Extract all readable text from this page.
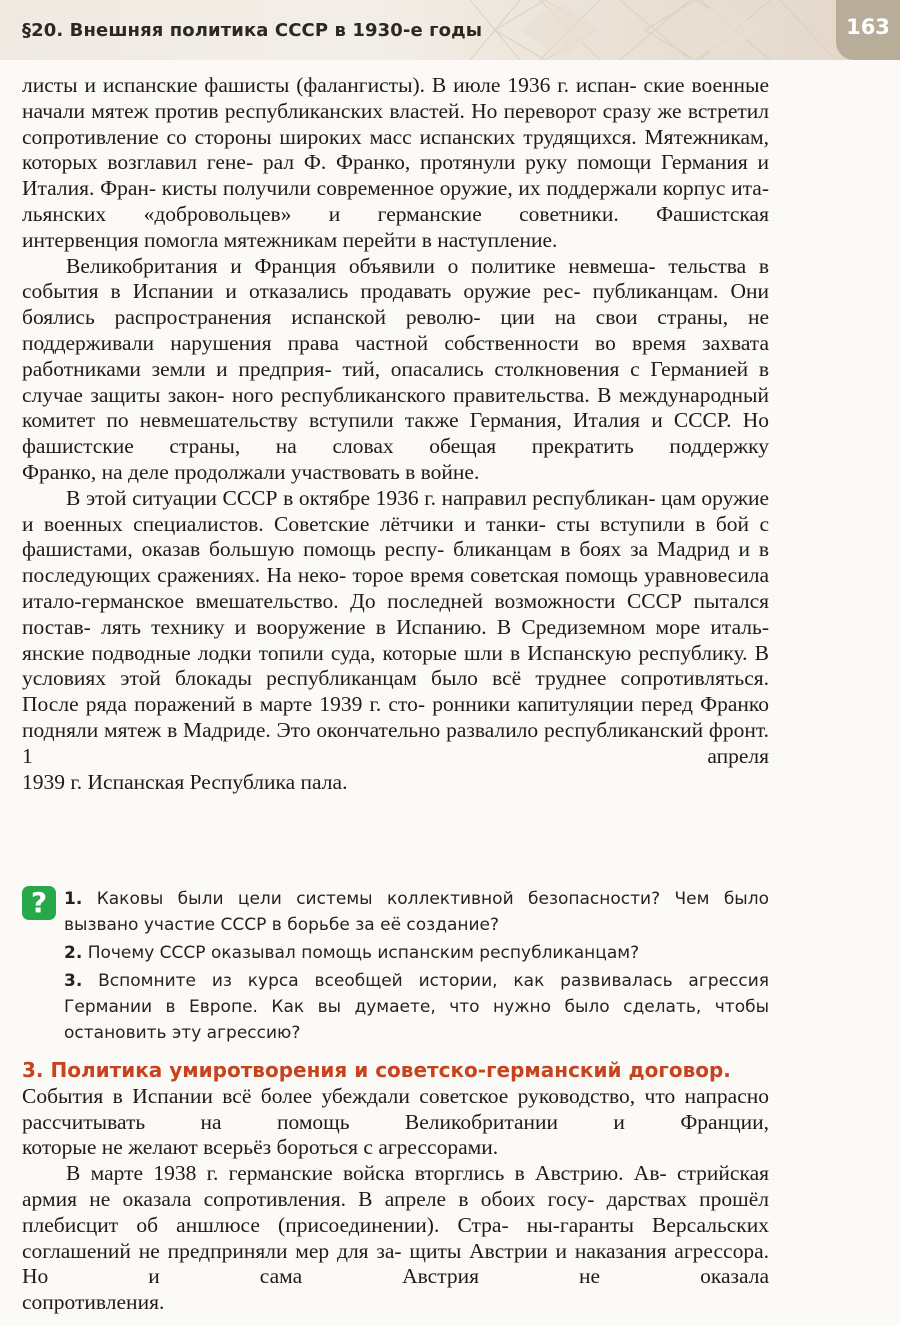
§20. Внешняя политика СССР в 1930-е годы	163

листы и испанские фашисты (фалангисты). В июле 1936 г. испан- ские военные начали мятеж против республиканских властей. Но переворот сразу же встретил сопротивление со стороны широких масс испанских трудящихся. Мятежникам, которых возглавил гене- рал Ф. Франко, протянули руку помощи Германия и Италия. Фран- кисты получили современное оружие, их поддержали корпус ита- льянских «добровольцев» и германские советники. Фашистская

интервенция помогла мятежникам перейти в наступление.

Великобритания и Франция объявили о политике невмеша- тельства в события в Испании и отказались продавать оружие рес- публиканцам. Они боялись распространения испанской револю- ции на свои страны, не поддерживали нарушения права частной собственности во время захвата работниками земли и предприя- тий, опасались столкновения с Германией в случае защиты закон- ного республиканского правительства. В международный комитет по невмешательству вступили также Германия, Италия и СССР. Но фашистские страны, на словах обещая прекратить поддержку

Франко, на деле продолжали участвовать в войне.

В этой ситуации СССР в октябре 1936 г. направил республикан- цам оружие и военных специалистов. Советские лётчики и танки- сты вступили в бой с фашистами, оказав большую помощь респу- бликанцам в боях за Мадрид и в последующих сражениях. На неко- торое время советская помощь уравновесила итало-германское вмешательство. До последней возможности СССР пытался постав- лять технику и вооружение в Испанию. В Средиземном море италь- янские подводные лодки топили суда, которые шли в Испанскую республику. В условиях этой блокады республиканцам было всё труднее сопротивляться. После ряда поражений в марте 1939 г. сто- ронники капитуляции перед Франко подняли мятеж в Мадриде. Это окончательно развалило республиканский фронт. 1 апреля

1939 г. Испанская Республика пала.

? 1. Каковы были цели системы коллективной безопасности? Чем было

вызвано участие СССР в борьбе за её создание?

2. Почему СССР оказывал помощь испанским республиканцам?

3. Вспомните из курса всеобщей истории, как развивалась агрессия

Германии в Европе. Как вы думаете, что нужно было сделать, чтобы

остановить эту агрессию?

3. Политика умиротворения и советско-германский договор.

События в Испании всё более убеждали советское руководство, что напрасно рассчитывать на помощь Великобритании и Франции,

которые не желают всерьёз бороться с агрессорами.

В марте 1938 г. германские войска вторглись в Австрию. Ав- стрийская армия не оказала сопротивления. В апреле в обоих госу- дарствах прошёл плебисцит об аншлюсе (присоединении). Стра- ны-гаранты Версальских соглашений не предприняли мер для за- щиты Австрии и наказания агрессора. Но и сама Австрия не оказала

сопротивления.
